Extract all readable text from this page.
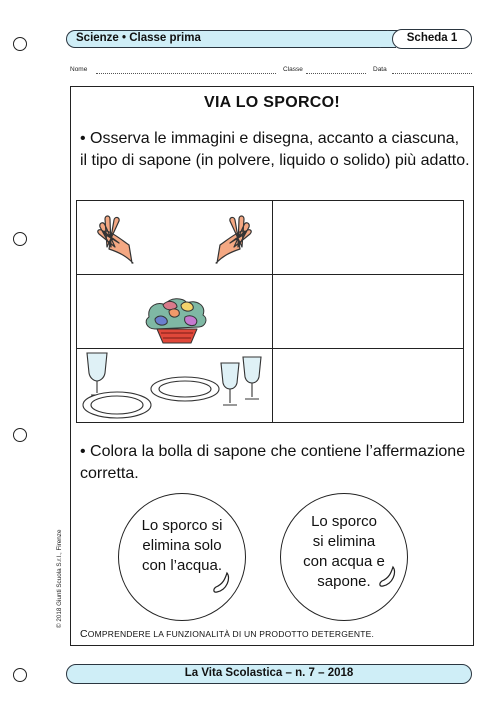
Scienze • Classe prima	Scheda 1
Nome	Classe	Data
VIA LO SPORCO!
• Osserva le immagini e disegna, accanto a ciascuna, il tipo di sapone (in polvere, liquido o solido) più adatto.

• Colora la bolla di sapone che contiene l’affermazione corretta.
Lo sporco si
elimina solo
con l’acqua.
Lo sporco
si elimina
con acqua e
sapone.
COMPRENDERE LA FUNZIONALITÀ DI UN PRODOTTO DETERGENTE.
© 2018 Giunti Scuola S.r.l., Firenze
La Vita Scolastica – n. 7 – 2018
